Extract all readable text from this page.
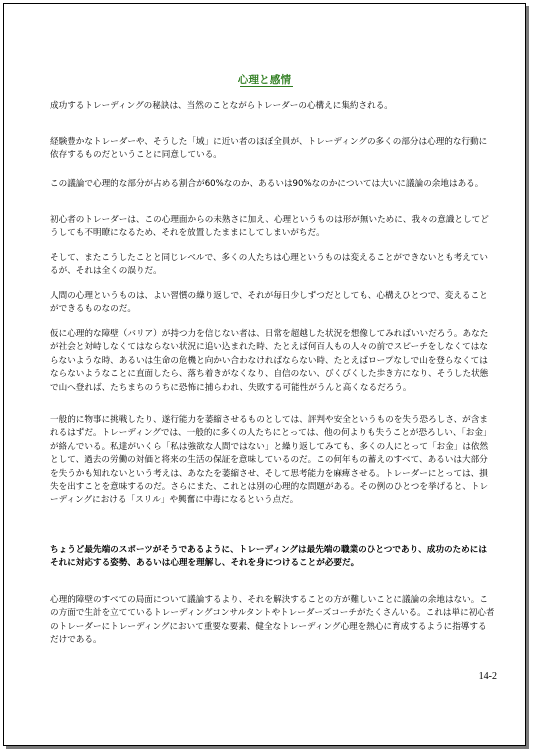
心理と感情

成功するトレーディングの秘訣は、当然のことながらトレーダーの心構えに集約される。

経験豊かなトレーダーや、そうした「域」に近い者のほぼ全員が、トレーディングの多くの部分は心理的な行動に依存するものだということに同意している。

この議論で心理的な部分が占める割合が60%なのか、あるいは90%なのかについては大いに議論の余地はある。

初心者のトレーダーは、この心理面からの未熟さに加え、心理というものは形が無いために、我々の意識としてどうしても不明瞭になるため、それを放置したままにしてしまいがちだ。

そして、またこうしたことと同じレベルで、多くの人たちは心理というものは変えることができないとも考えているが、それは全くの誤りだ。

人間の心理というものは、よい習慣の繰り返しで、それが毎日少しずつだとしても、心構えひとつで、変えることができるものなのだ。

仮に心理的な障壁（バリア）が持つ力を信じない者は、日常を超越した状況を想像してみればいいだろう。あなたが社会と対峙しなくてはならない状況に追い込まれた時、たとえば何百人もの人々の前でスピーチをしなくてはならないような時、あるいは生命の危機と向かい合わなければならない時、たとえばロープなしで山を登らなくてはならないようなことに直面したら、落ち着きがなくなり、自信のない、びくびくした歩き方になり、そうした状態で山へ登れば、たちまちのうちに恐怖に捕らわれ、失敗する可能性がうんと高くなるだろう。

一般的に物事に挑戦したり、遂行能力を萎縮させるものとしては、評判や安全というものを失う恐ろしさ、が含まれるはずだ。トレーディングでは、一般的に多くの人たちにとっては、他の何よりも失うことが恐ろしい、「お金」が絡んでいる。私達がいくら「私は強欲な人間ではない」と繰り返してみても、多くの人にとって「お金」は依然として、過去の労働の対価と将来の生活の保証を意味しているのだ。この何年もの蓄えのすべて、あるいは大部分を失うかも知れないという考えは、あなたを萎縮させ、そして思考能力を麻痺させる。トレーダーにとっては、損失を出すことを意味するのだ。さらにまた、これとは別の心理的な問題がある。その例のひとつを挙げると、トレーディングにおける「スリル」や興奮に中毒になるという点だ。

ちょうど最先端のスポーツがそうであるように、トレーディングは最先端の職業のひとつであり、成功のためにはそれに対応する姿勢、あるいは心理を理解し、それを身につけることが必要だ。

心理的障壁のすべての局面について議論するより、それを解決することの方が難しいことに議論の余地はない。この方面で生計を立てているトレーディングコンサルタントやトレーダーズコーチがたくさんいる。これは単に初心者のトレーダーにトレーディングにおいて重要な要素、健全なトレーディング心理を熱心に育成するように指導するだけである。

14-2
